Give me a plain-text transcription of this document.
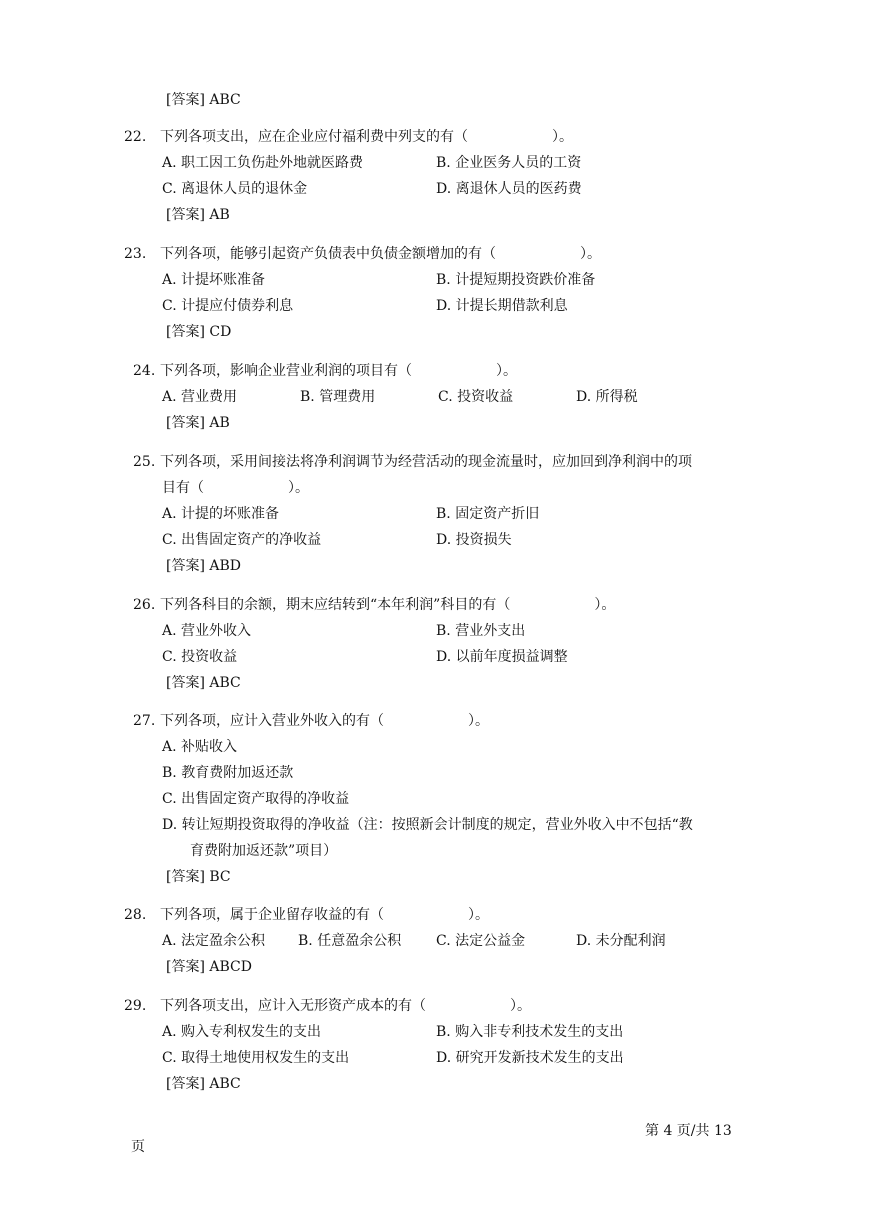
[答案] ABC
22. 下列各项支出，应在企业应付福利费中列支的有（　　　　　　）。
A. 职工因工负伤赴外地就医路费	B. 企业医务人员的工资
C. 离退休人员的退休金	D. 离退休人员的医药费
[答案] AB
23. 下列各项，能够引起资产负债表中负债金额增加的有（　　　　　　）。
A. 计提坏账准备	B. 计提短期投资跌价准备
C. 计提应付债券利息	D. 计提长期借款利息
[答案] CD
24. 下列各项，影响企业营业利润的项目有（　　　　　　）。
A. 营业费用	B. 管理费用	C. 投资收益	D. 所得税
[答案] AB
25. 下列各项，采用间接法将净利润调节为经营活动的现金流量时，应加回到净利润中的项
目有（　　　　　　）。
A. 计提的坏账准备	B. 固定资产折旧
C. 出售固定资产的净收益	D. 投资损失
[答案] ABD
26. 下列各科目的余额，期末应结转到“本年利润”科目的有（　　　　　　）。
A. 营业外收入	B. 营业外支出
C. 投资收益	D. 以前年度损益调整
[答案] ABC
27. 下列各项，应计入营业外收入的有（　　　　　　）。
A. 补贴收入
B. 教育费附加返还款
C. 出售固定资产取得的净收益
D. 转让短期投资取得的净收益（注：按照新会计制度的规定，营业外收入中不包括“教
育费附加返还款”项目）
[答案] BC
28. 下列各项，属于企业留存收益的有（　　　　　　）。
A. 法定盈余公积 B. 任意盈余公积 C. 法定公益金	D. 未分配利润
[答案] ABCD
29. 下列各项支出，应计入无形资产成本的有（　　　　　　）。
A. 购入专利权发生的支出	B. 购入非专利技术发生的支出
C. 取得土地使用权发生的支出	D. 研究开发新技术发生的支出
[答案] ABC
第 4 页/共 13
页
